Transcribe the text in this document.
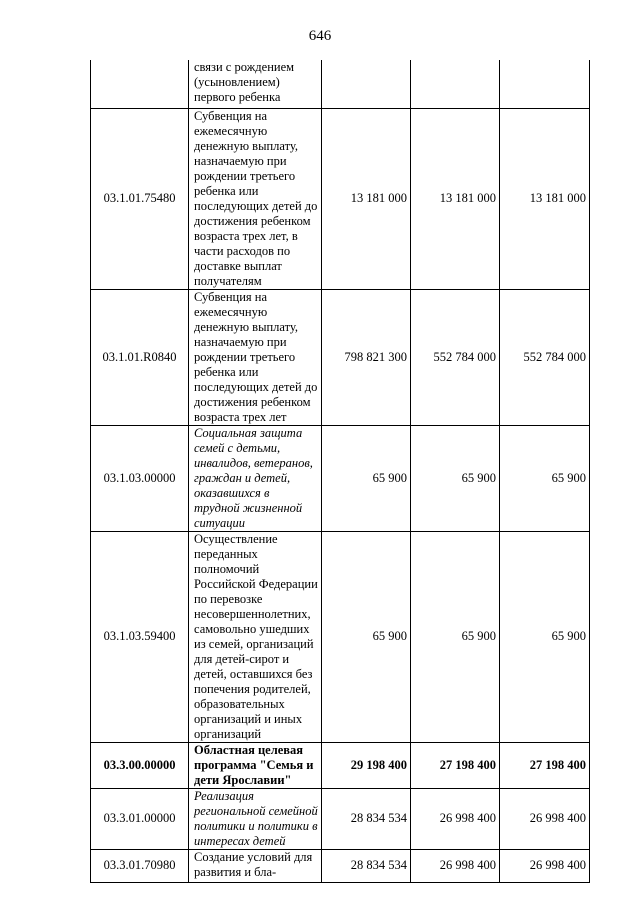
646
	связи с рождением (усыновлением) первого ребенка			
03.1.01.75480	Субвенция на ежемесячную денежную выплату, назначаемую при рождении третьего ребенка или последующих детей до достижения ребенком возраста трех лет, в части расходов по доставке выплат получателям	13 181 000	13 181 000	13 181 000
03.1.01.R0840	Субвенция на ежемесячную денежную выплату, назначаемую при рождении третьего ребенка или последующих детей до достижения ребенком возраста трех лет	798 821 300	552 784 000	552 784 000
03.1.03.00000	Социальная защита семей с детьми, инвалидов, ветеранов, граждан и детей, оказавшихся в трудной жизненной ситуации	65 900	65 900	65 900
03.1.03.59400	Осуществление переданных полномочий Российской Федерации по перевозке несовершеннолетних, самовольно ушедших из семей, организаций для детей-сирот и детей, оставшихся без попечения родителей, образовательных организаций и иных организаций	65 900	65 900	65 900
03.3.00.00000	Областная целевая программа "Семья и дети Ярославии"	29 198 400	27 198 400	27 198 400
03.3.01.00000	Реализация региональной семейной политики и политики в интересах детей	28 834 534	26 998 400	26 998 400
03.3.01.70980	Создание условий для развития и бла-	28 834 534	26 998 400	26 998 400
